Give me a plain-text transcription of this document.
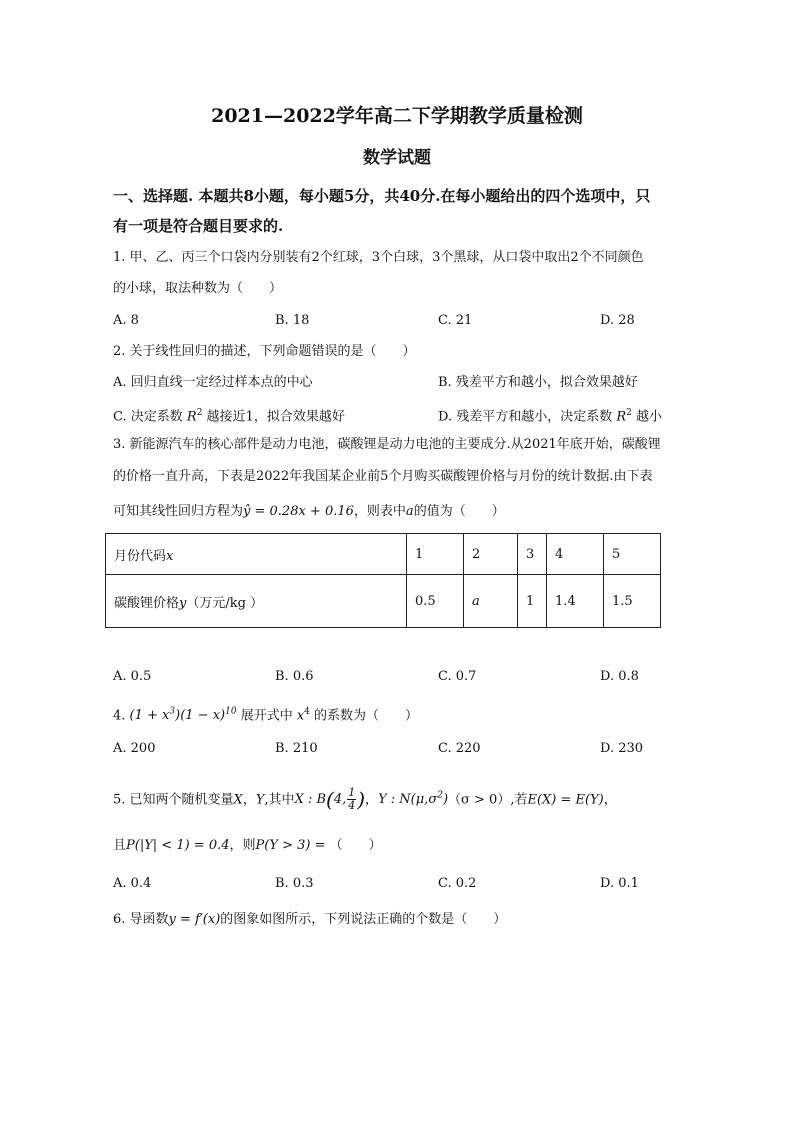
2021—2022学年高二下学期教学质量检测
数学试题
一、选择题. 本题共8小题，每小题5分，共40分.在每小题给出的四个选项中，只
有一项是符合题目要求的.
1. 甲、乙、丙三个口袋内分别装有2个红球，3个白球，3个黑球，从口袋中取出2个不同颜色
的小球，取法种数为（　　）
A. 8	B. 18	C. 21	D. 28
2. 关于线性回归的描述，下列命题错误的是（　　）
A. 回归直线一定经过样本点的中心	B. 残差平方和越小，拟合效果越好
C. 决定系数 $R^2$ 越接近1，拟合效果越好	D. 残差平方和越小，决定系数 $R^2$ 越小
3. 新能源汽车的核心部件是动力电池，碳酸锂是动力电池的主要成分.从2021年底开始，碳酸锂
的价格一直升高，下表是2022年我国某企业前5个月购买碳酸锂价格与月份的统计数据.由下表
可知其线性回归方程为ŷ = 0.28x + 0.16，则表中a的值为（　　）
月份代码x	1	2	3	4	5
碳酸锂价格y（万元/kg ）	0.5	a	1	1.4	1.5
A. 0.5	B. 0.6	C. 0.7	D. 0.8
4. $(1 + x^3)(1 - x)^{10}$ 展开式中 $x^4$ 的系数为（　　）
A. 200	B. 210	C. 220	D. 230
5. 已知两个随机变量X，Y,其中X : B(4, $\frac{1}{4}$ )，Y : $N(\mu,\sigma^2)(\sigma > 0)$,若E(X) = E(Y)，
且P(|Y| < 1) = 0.4，则P(Y > 3) = （　　）
A. 0.4	B. 0.3	C. 0.2	D. 0.1
6. 导函数y = f′(x)的图象如图所示，下列说法正确的个数是（　　）
